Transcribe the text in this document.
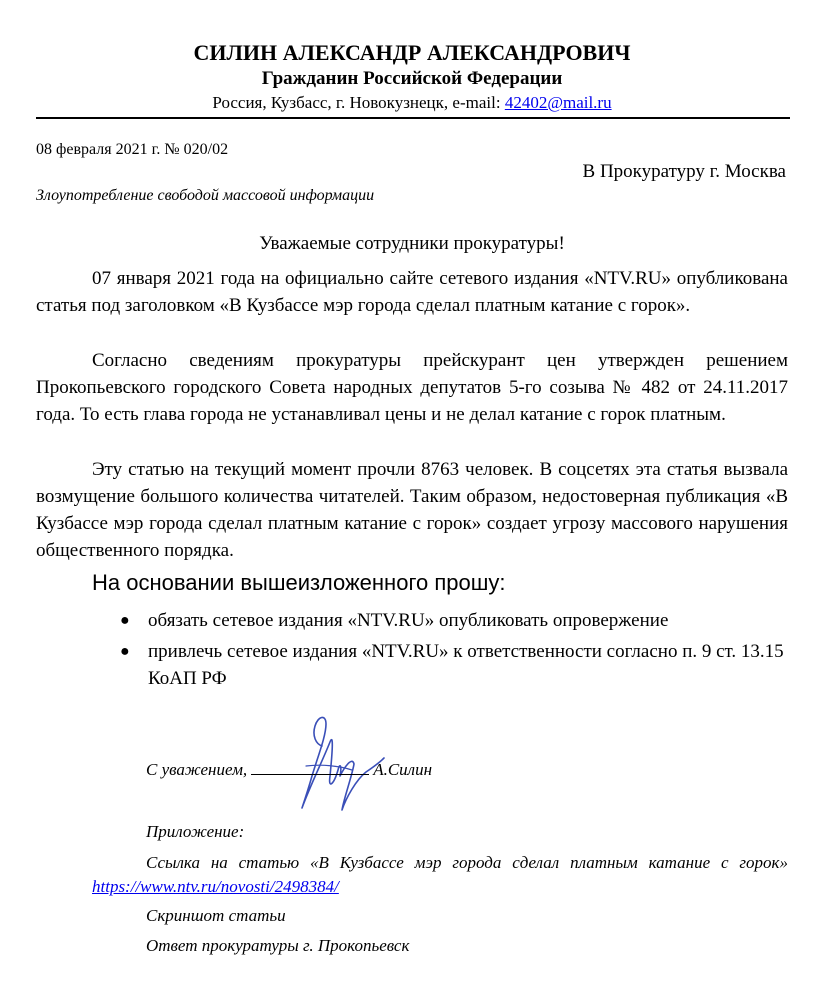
СИЛИН АЛЕКСАНДР АЛЕКСАНДРОВИЧ
Гражданин Российской Федерации
Россия, Кузбасс, г. Новокузнецк, e-mail: 42402@mail.ru
08 февраля 2021 г. № 020/02
В Прокуратуру г. Москва
Злоупотребление свободой массовой информации
Уважаемые сотрудники прокуратуры!

07 января 2021 года на официально сайте сетевого издания «NTV.RU» опубликована статья под заголовком «В Кузбассе мэр города сделал платным катание с горок».

Согласно сведениям прокуратуры прейскурант цен утвержден решением Прокопьевского городского Совета народных депутатов 5-го созыва № 482 от 24.11.2017 года. То есть глава города не устанавливал цены и не делал катание с горок платным.

Эту статью на текущий момент прочли 8763 человек. В соцсетях эта статья вызвала возмущение большого количества читателей. Таким образом, недостоверная публикация «В Кузбассе мэр города сделал платным катание с горок» создает угрозу массового нарушения общественного порядка.

На основании вышеизложенного прошу:
● обязать сетевое издания «NTV.RU» опубликовать опровержение
● привлечь сетевое издания «NTV.RU» к ответственности согласно п. 9 ст. 13.15 КоАП РФ
С уважением,	А.Силин
Приложение:

Ссылка на статью «В Кузбассе мэр города сделал платным катание с горок» https://www.ntv.ru/novosti/2498384/

Скриншот статьи
Ответ прокуратуры г. Прокопьевск
